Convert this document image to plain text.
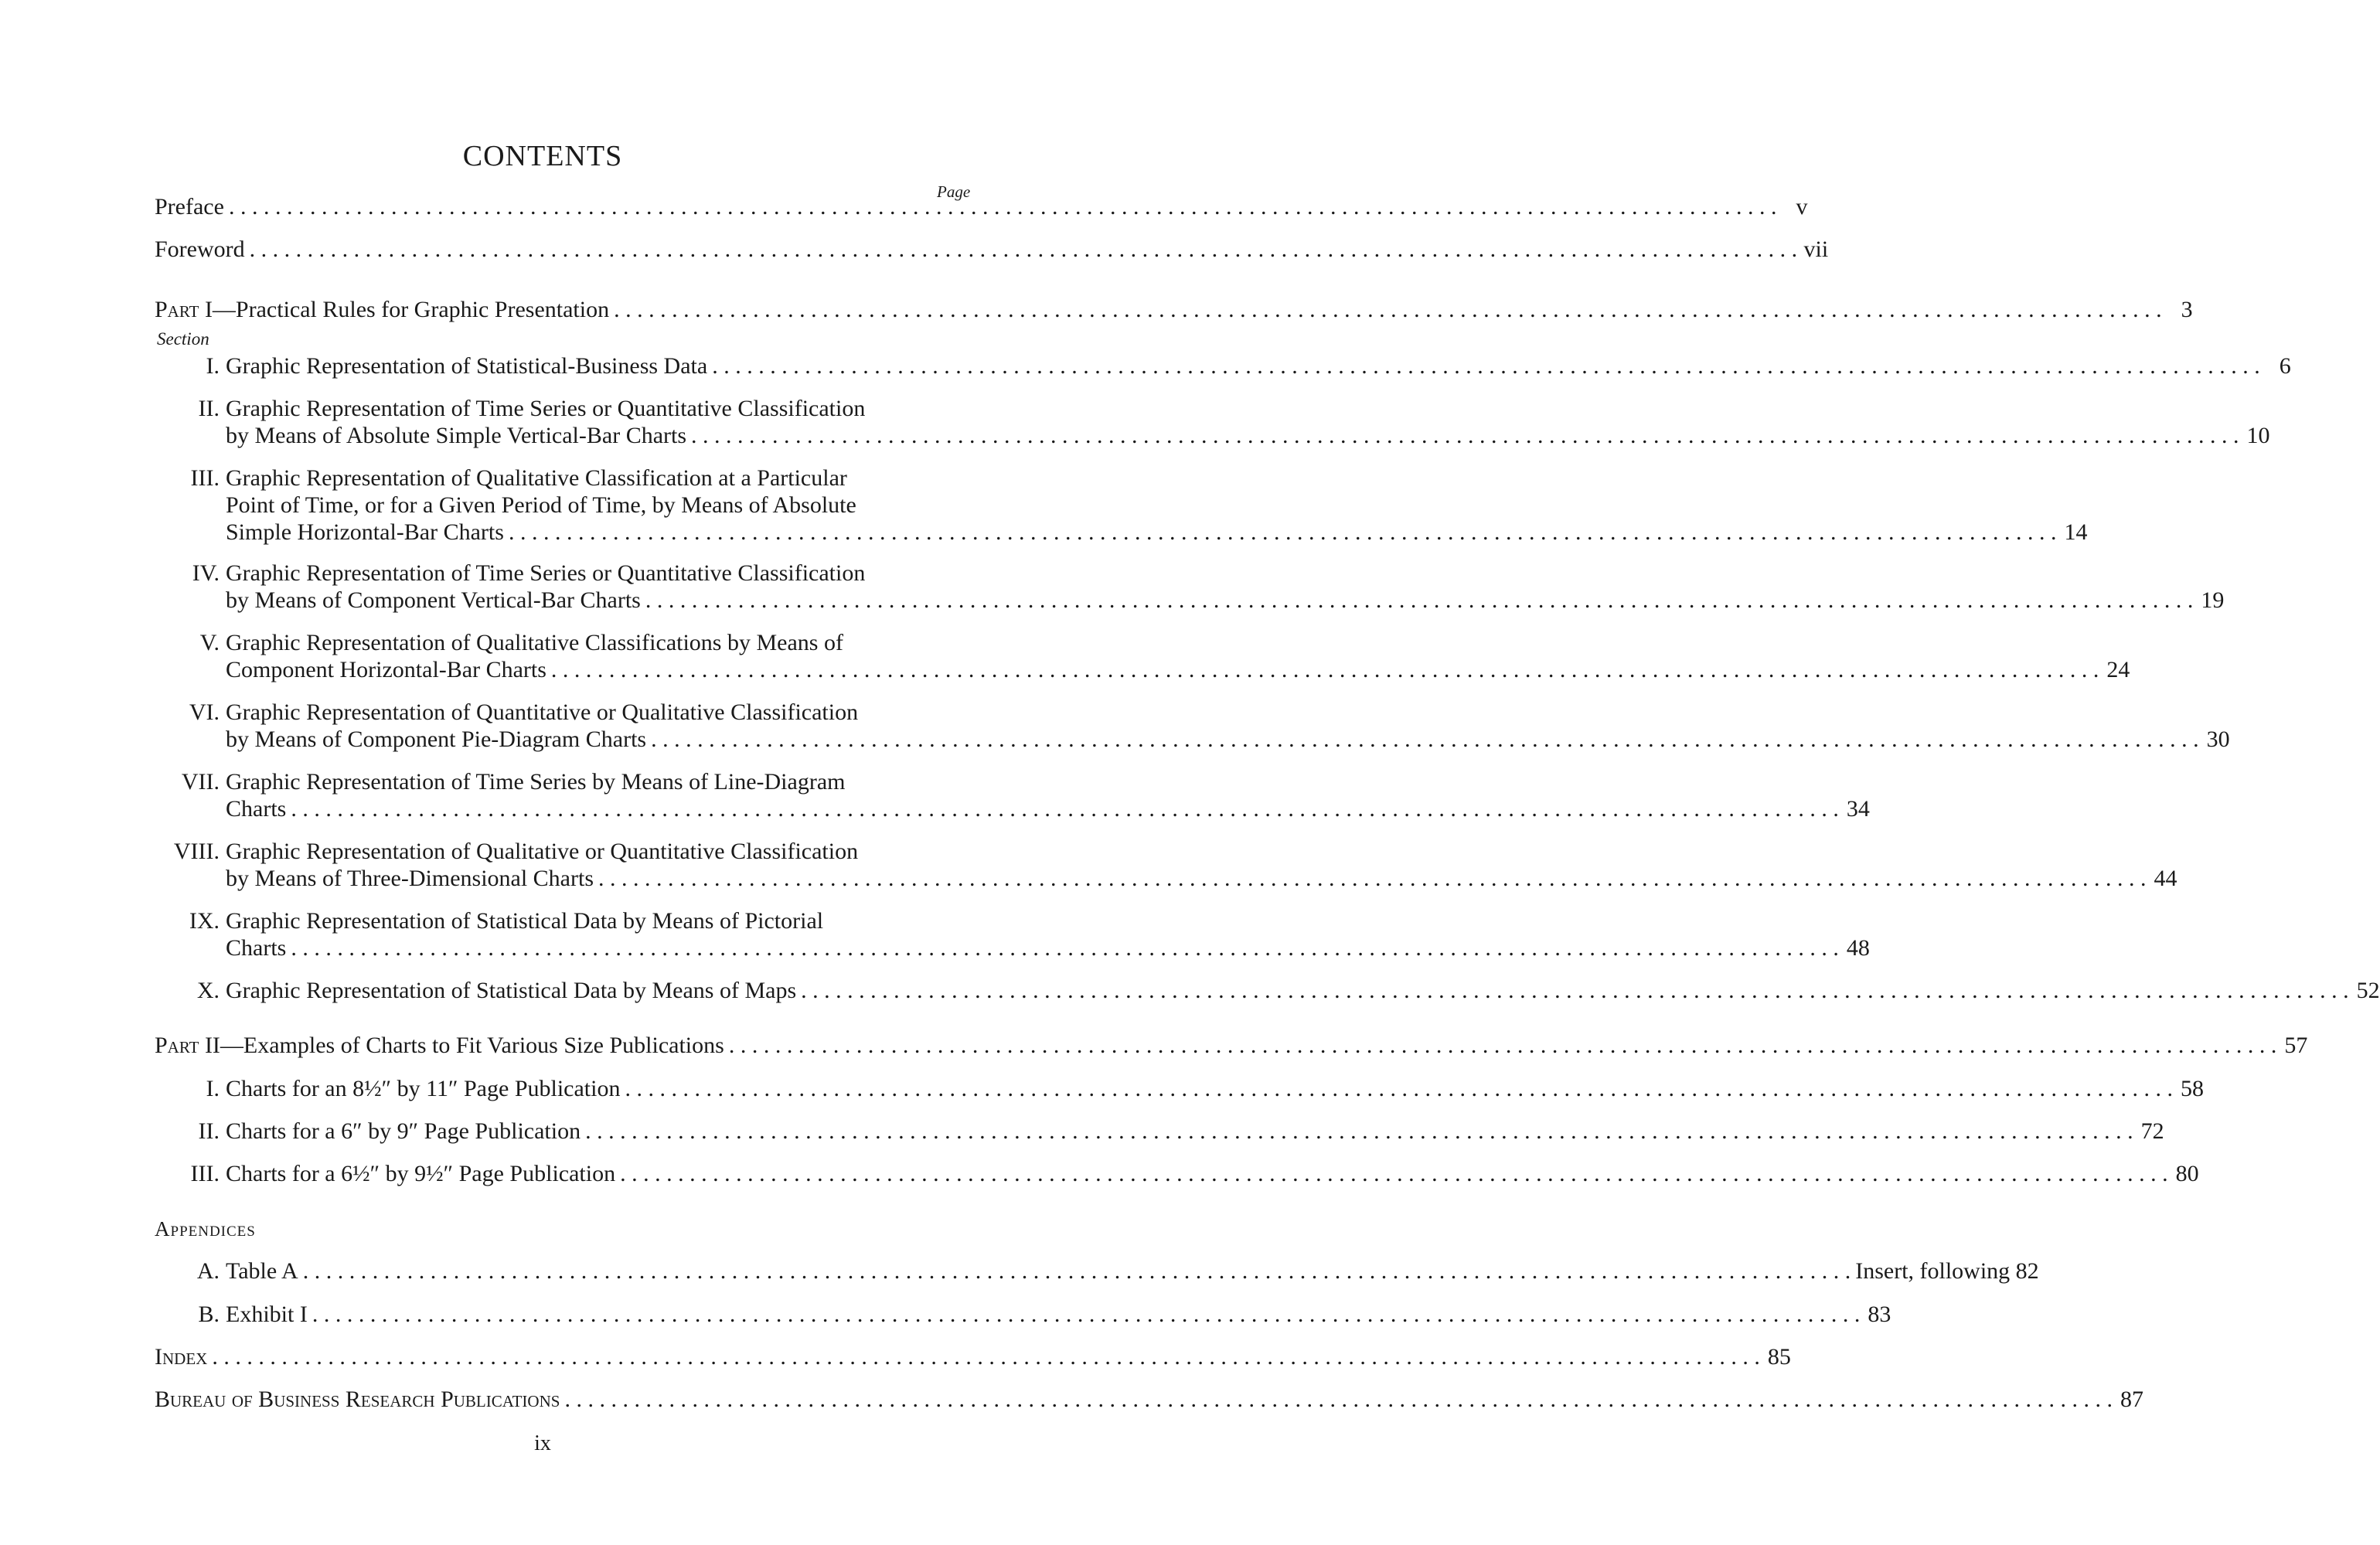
CONTENTS
Page
Preface . . .	v
Foreword . . .	vii
Part I—Practical Rules for Graphic Presentation . . .	3
Section
I. Graphic Representation of Statistical-Business Data . . .	6
II. Graphic Representation of Time Series or Quantitative Classification
by Means of Absolute Simple Vertical-Bar Charts . . .	10
III. Graphic Representation of Qualitative Classification at a Particular
Point of Time, or for a Given Period of Time, by Means of Absolute
Simple Horizontal-Bar Charts . . .	14
IV. Graphic Representation of Time Series or Quantitative Classification
by Means of Component Vertical-Bar Charts . . .	19
V. Graphic Representation of Qualitative Classifications by Means of
Component Horizontal-Bar Charts . . .	24
VI. Graphic Representation of Quantitative or Qualitative Classification
by Means of Component Pie-Diagram Charts . . .	30
VII. Graphic Representation of Time Series by Means of Line-Diagram
Charts . . .	34
VIII. Graphic Representation of Qualitative or Quantitative Classification
by Means of Three-Dimensional Charts . . .	44
IX. Graphic Representation of Statistical Data by Means of Pictorial
Charts . . .	48
X. Graphic Representation of Statistical Data by Means of Maps . . .	52
Part II—Examples of Charts to Fit Various Size Publications . . .	57
I. Charts for an 8½″ by 11″ Page Publication . . .	58
II. Charts for a 6″ by 9″ Page Publication . . .	72
III. Charts for a 6½″ by 9½″ Page Publication . . .	80
Appendices
A. Table A . . .	Insert, following 82
B. Exhibit I . . .	83
Index . . .	85
Bureau of Business Research Publications . . .	87
ix
